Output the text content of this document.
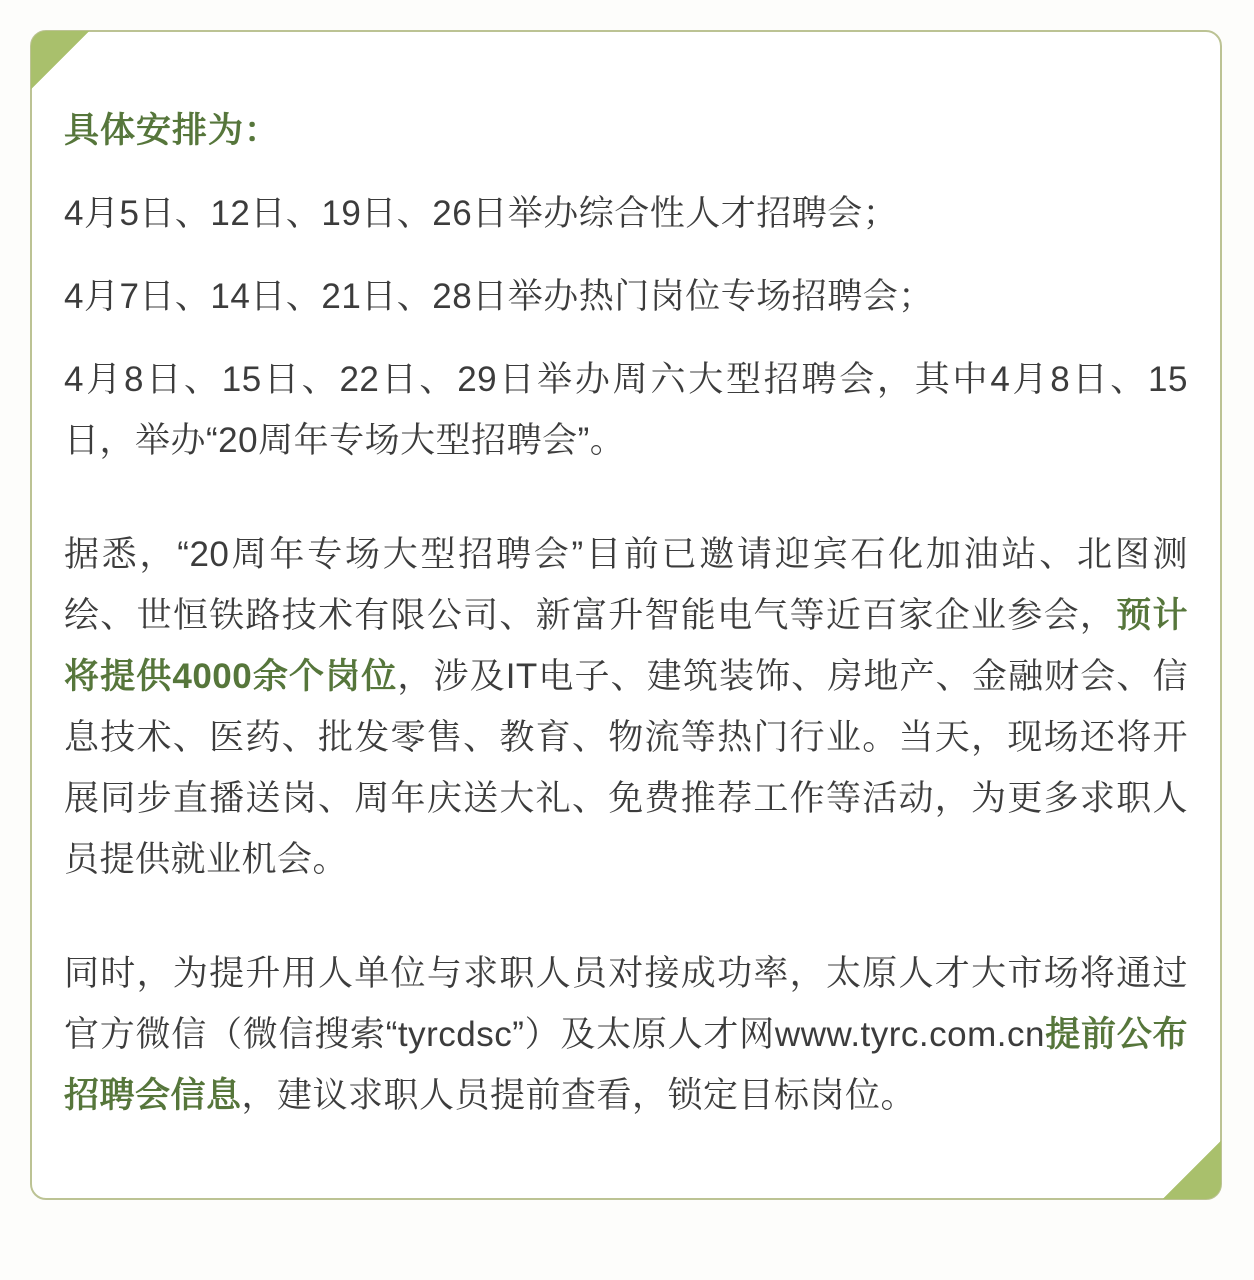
具体安排为：

4月5日、12日、19日、26日举办综合性人才招聘会；

4月7日、14日、21日、28日举办热门岗位专场招聘会；

4月8日、15日、22日、29日举办周六大型招聘会，其中4月8日、15日，举办“20周年专场大型招聘会”。

据悉，“20周年专场大型招聘会”目前已邀请迎宾石化加油站、北图测绘、世恒铁路技术有限公司、新富升智能电气等近百家企业参会，预计将提供4000余个岗位，涉及IT电子、建筑装饰、房地产、金融财会、信息技术、医药、批发零售、教育、物流等热门行业。当天，现场还将开展同步直播送岗、周年庆送大礼、免费推荐工作等活动，为更多求职人员提供就业机会。

同时，为提升用人单位与求职人员对接成功率，太原人才大市场将通过官方微信（微信搜索“tyrcdsc”）及太原人才网www.tyrc.com.cn提前公布招聘会信息，建议求职人员提前查看，锁定目标岗位。
